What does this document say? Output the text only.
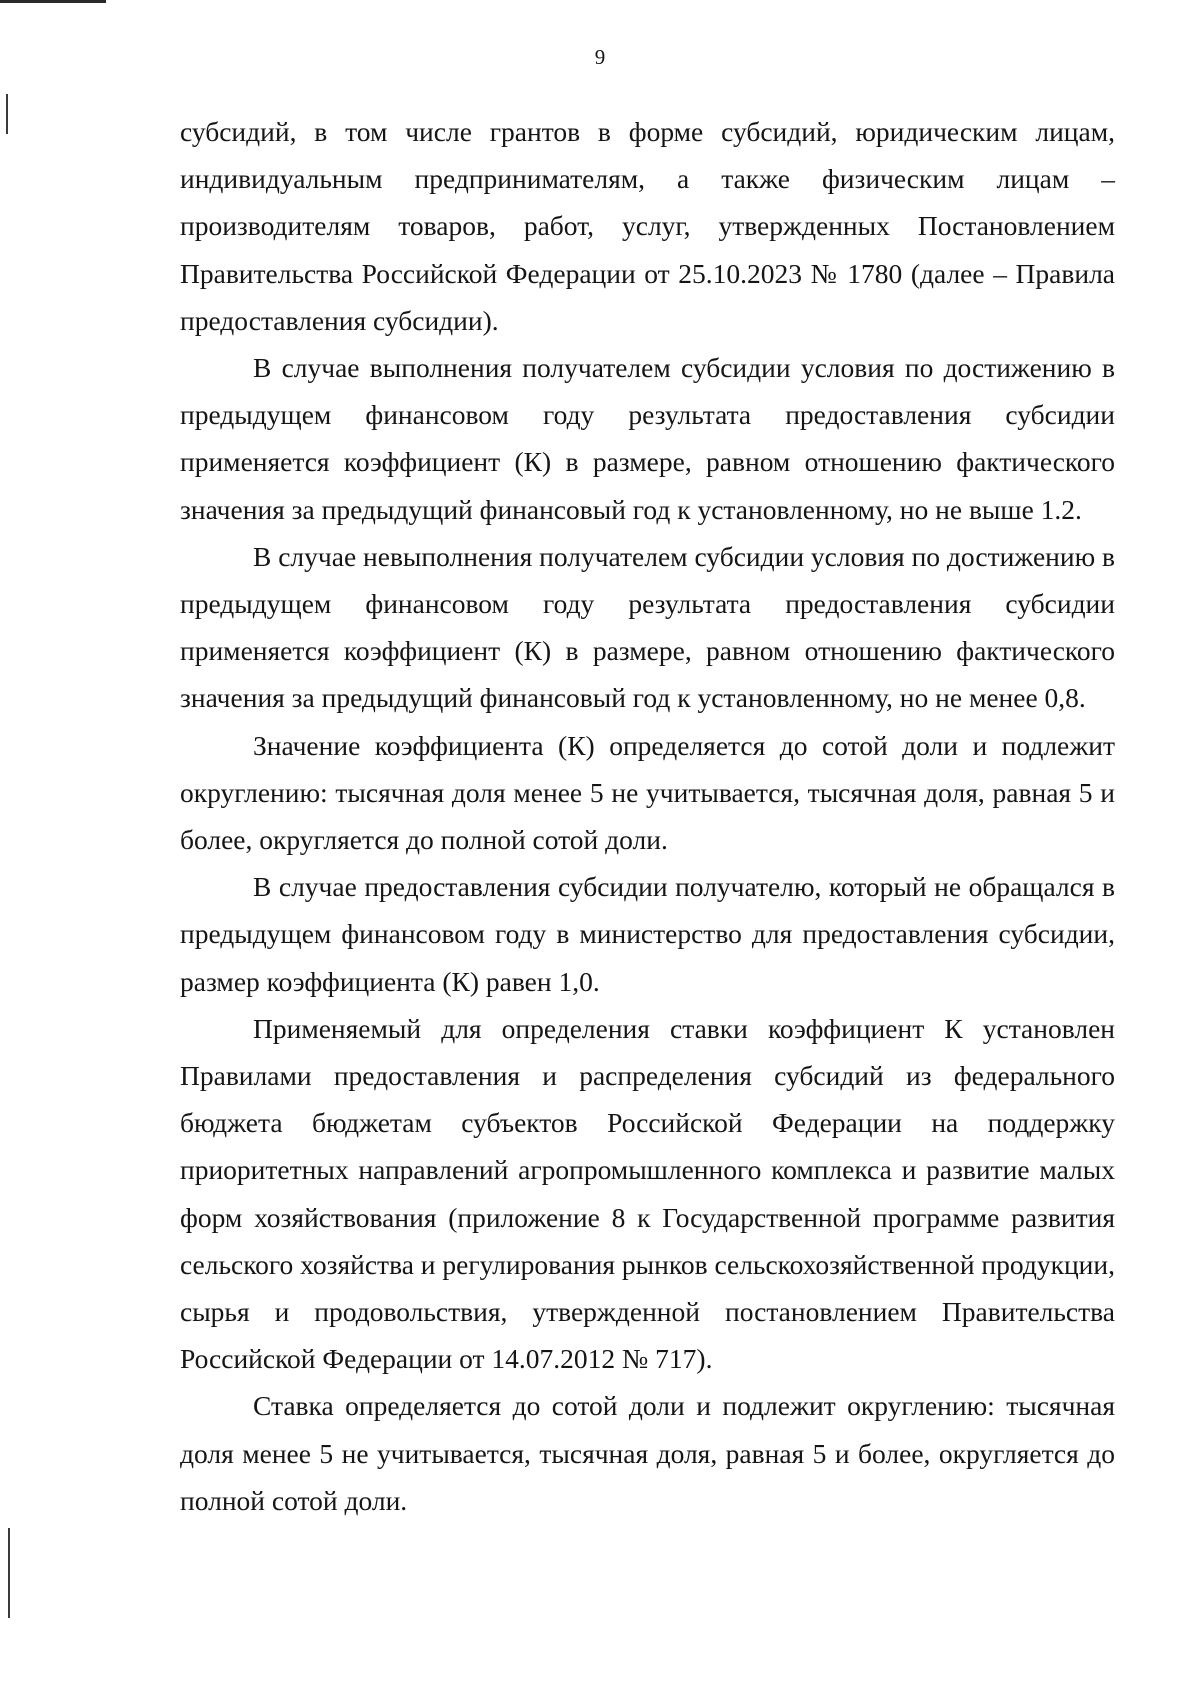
9

субсидий, в том числе грантов в форме субсидий, юридическим лицам, индивидуальным предпринимателям, а также физическим лицам – производителям товаров, работ, услуг, утвержденных Постановлением Правительства Российской Федерации от 25.10.2023 № 1780 (далее – Правила предоставления субсидии).

В случае выполнения получателем субсидии условия по достижению в предыдущем финансовом году результата предоставления субсидии применяется коэффициент (К) в размере, равном отношению фактического значения за предыдущий финансовый год к установленному, но не выше 1.2.

В случае невыполнения получателем субсидии условия по достижению в предыдущем финансовом году результата предоставления субсидии применяется коэффициент (К) в размере, равном отношению фактического значения за предыдущий финансовый год к установленному, но не менее 0,8.

Значение коэффициента (К) определяется до сотой доли и подлежит округлению: тысячная доля менее 5 не учитывается, тысячная доля, равная 5 и более, округляется до полной сотой доли.

В случае предоставления субсидии получателю, который не обращался в предыдущем финансовом году в министерство для предоставления субсидии, размер коэффициента (К) равен 1,0.

Применяемый для определения ставки коэффициент К установлен Правилами предоставления и распределения субсидий из федерального бюджета бюджетам субъектов Российской Федерации на поддержку приоритетных направлений агропромышленного комплекса и развитие малых форм хозяйствования (приложение 8 к Государственной программе развития сельского хозяйства и регулирования рынков сельскохозяйственной продукции, сырья и продовольствия, утвержденной постановлением Правительства Российской Федерации от 14.07.2012 № 717).

Ставка определяется до сотой доли и подлежит округлению: тысячная доля менее 5 не учитывается, тысячная доля, равная 5 и более, округляется до полной сотой доли.
